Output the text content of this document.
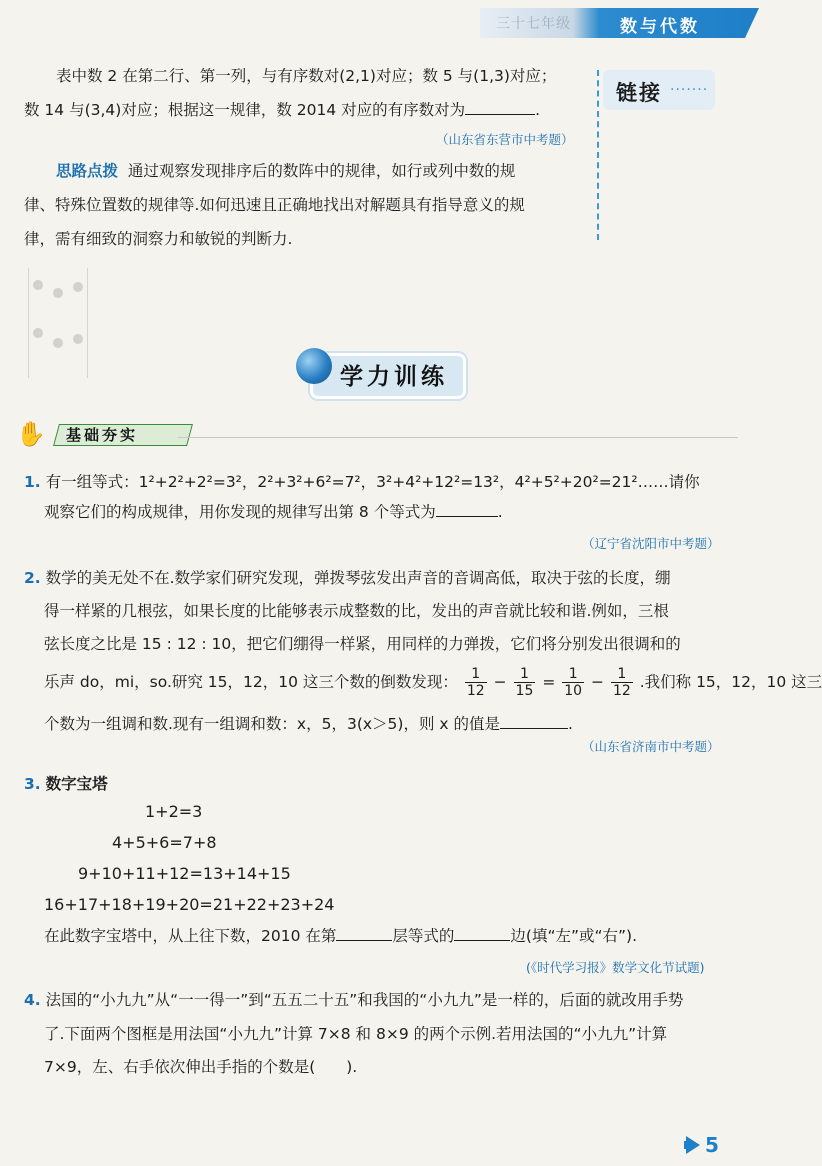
三十七年级	数与代数
链接 ·······

表中数 2 在第二行、第一列，与有序数对(2,1)对应；数 5 与(1,3)对应；

数 14 与(3,4)对应；根据这一规律，数 2014 对应的有序数对为	.

（山东省东营市中考题）

思路点拨 通过观察发现排序后的数阵中的规律，如行或列中数的规

律、特殊位置数的规律等.如何迅速且正确地找出对解题具有指导意义的规

律，需有细致的洞察力和敏锐的判断力.

学力训练
✋ 基础夯实

1. 有一组等式：1²+2²+2²=3²，2²+3²+6²=7²，3²+4²+12²=13²，4²+5²+20²=21²……请你

观察它们的构成规律，用你发现的规律写出第 8 个等式为	.

（辽宁省沈阳市中考题）

2. 数学的美无处不在.数学家们研究发现，弹拨琴弦发出声音的音调高低，取决于弦的长度，绷

得一样紧的几根弦，如果长度的比能够表示成整数的比，发出的声音就比较和谐.例如，三根

弦长度之比是 15 : 12 : 10，把它们绷得一样紧，用同样的力弹拨，它们将分别发出很调和的

乐声 do，mi，so.研究 15，12，10 这三个数的倒数发现： $\frac{1}{12} - \frac{1}{15} = \frac{1}{10} - \frac{1}{12}$ .我们称 15，12，10 这三

个数为一组调和数.现有一组调和数：x，5，3(x＞5)，则 x 的值是	.

（山东省济南市中考题）

3. 数字宝塔

1+2=3

4+5+6=7+8

9+10+11+12=13+14+15

16+17+18+19+20=21+22+23+24

在此数字宝塔中，从上往下数，2010 在第	层等式的	边(填“左”或“右”).

(《时代学习报》数学文化节试题)

4. 法国的“小九九”从“一一得一”到“五五二十五”和我国的“小九九”是一样的，后面的就改用手势

了.下面两个图框是用法国“小九九”计算 7×8 和 8×9 的两个示例.若用法国的“小九九”计算

7×9，左、右手依次伸出手指的个数是(　　).

5
